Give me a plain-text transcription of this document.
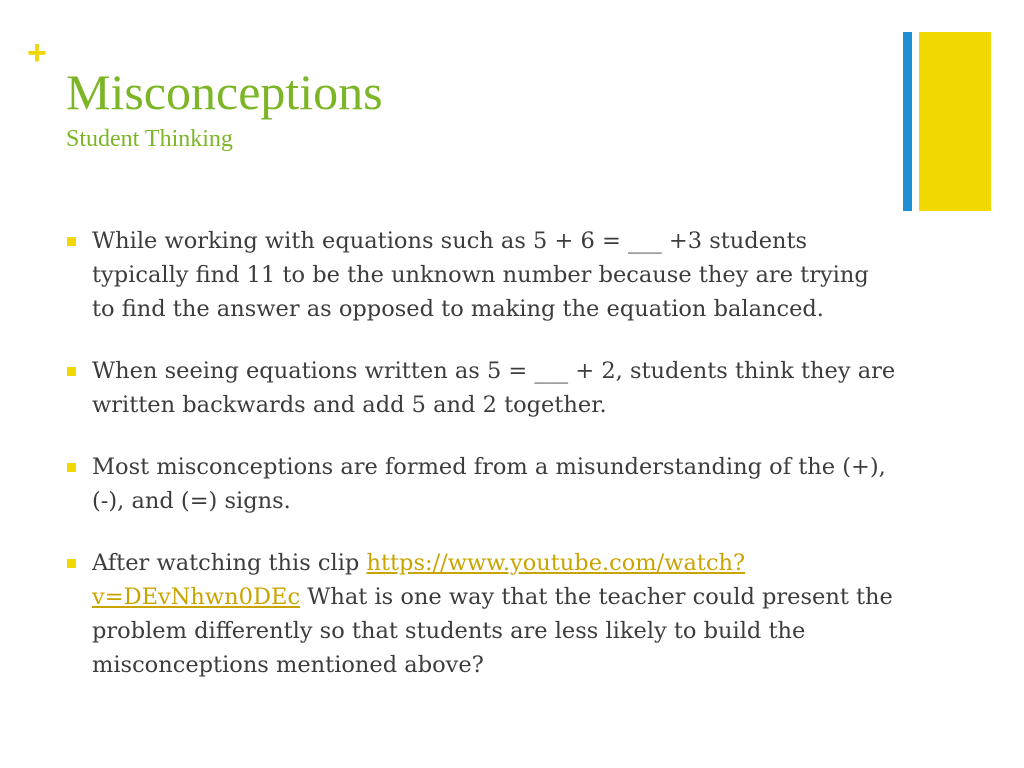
+
Misconceptions
Student Thinking
While working with equations such as 5 + 6 = ___ +3 students typically find 11 to be the unknown number because they are trying to find the answer as opposed to making the equation balanced.
When seeing equations written as 5 = ___ + 2, students think they are written backwards and add 5 and 2 together.
Most misconceptions are formed from a misunderstanding of the (+), (-), and (=) signs.
After watching this clip https://www.youtube.com/watch?v=DEvNhwn0DEc What is one way that the teacher could present the problem differently so that students are less likely to build the misconceptions mentioned above?
